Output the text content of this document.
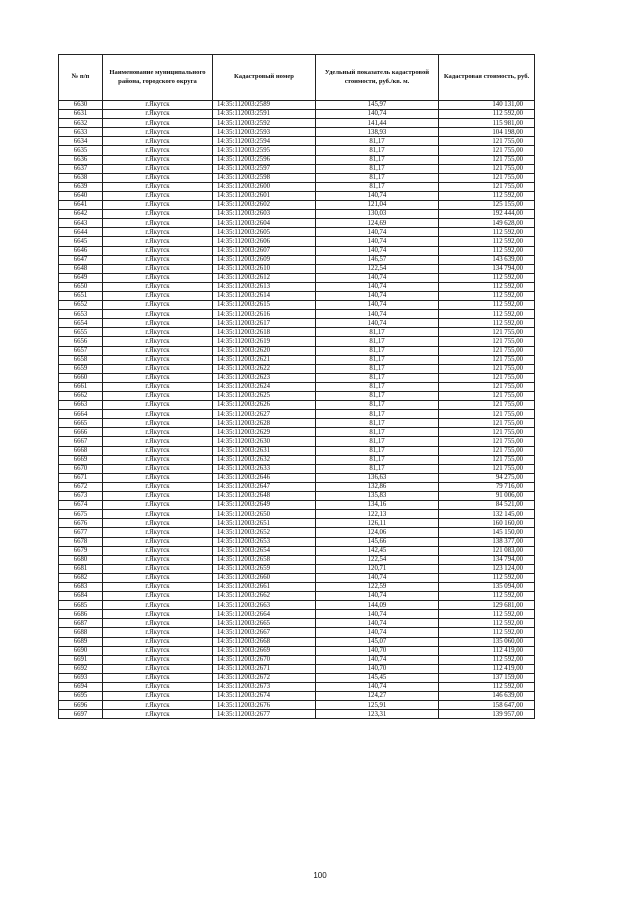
№ п/п	Наименование муниципального района, городского округа	Кадастровый номер	Удельный показатель кадастровой стоимости, руб./кв. м.	Кадастровая стоимость, руб.
6630	г.Якутск	14:35:112003:2589	145,97	140 131,00
6631	г.Якутск	14:35:112003:2591	140,74	112 592,00
6632	г.Якутск	14:35:112003:2592	141,44	115 981,00
6633	г.Якутск	14:35:112003:2593	138,93	104 198,00
6634	г.Якутск	14:35:112003:2594	81,17	121 755,00
6635	г.Якутск	14:35:112003:2595	81,17	121 755,00
6636	г.Якутск	14:35:112003:2596	81,17	121 755,00
6637	г.Якутск	14:35:112003:2597	81,17	121 755,00
6638	г.Якутск	14:35:112003:2598	81,17	121 755,00
6639	г.Якутск	14:35:112003:2600	81,17	121 755,00
6640	г.Якутск	14:35:112003:2601	140,74	112 592,00
6641	г.Якутск	14:35:112003:2602	121,04	125 155,00
6642	г.Якутск	14:35:112003:2603	130,03	192 444,00
6643	г.Якутск	14:35:112003:2604	124,69	149 628,00
6644	г.Якутск	14:35:112003:2605	140,74	112 592,00
6645	г.Якутск	14:35:112003:2606	140,74	112 592,00
6646	г.Якутск	14:35:112003:2607	140,74	112 592,00
6647	г.Якутск	14:35:112003:2609	146,57	143 639,00
6648	г.Якутск	14:35:112003:2610	122,54	134 794,00
6649	г.Якутск	14:35:112003:2612	140,74	112 592,00
6650	г.Якутск	14:35:112003:2613	140,74	112 592,00
6651	г.Якутск	14:35:112003:2614	140,74	112 592,00
6652	г.Якутск	14:35:112003:2615	140,74	112 592,00
6653	г.Якутск	14:35:112003:2616	140,74	112 592,00
6654	г.Якутск	14:35:112003:2617	140,74	112 592,00
6655	г.Якутск	14:35:112003:2618	81,17	121 755,00
6656	г.Якутск	14:35:112003:2619	81,17	121 755,00
6657	г.Якутск	14:35:112003:2620	81,17	121 755,00
6658	г.Якутск	14:35:112003:2621	81,17	121 755,00
6659	г.Якутск	14:35:112003:2622	81,17	121 755,00
6660	г.Якутск	14:35:112003:2623	81,17	121 755,00
6661	г.Якутск	14:35:112003:2624	81,17	121 755,00
6662	г.Якутск	14:35:112003:2625	81,17	121 755,00
6663	г.Якутск	14:35:112003:2626	81,17	121 755,00
6664	г.Якутск	14:35:112003:2627	81,17	121 755,00
6665	г.Якутск	14:35:112003:2628	81,17	121 755,00
6666	г.Якутск	14:35:112003:2629	81,17	121 755,00
6667	г.Якутск	14:35:112003:2630	81,17	121 755,00
6668	г.Якутск	14:35:112003:2631	81,17	121 755,00
6669	г.Якутск	14:35:112003:2632	81,17	121 755,00
6670	г.Якутск	14:35:112003:2633	81,17	121 755,00
6671	г.Якутск	14:35:112003:2646	136,63	94 275,00
6672	г.Якутск	14:35:112003:2647	132,86	79 716,00
6673	г.Якутск	14:35:112003:2648	135,83	91 006,00
6674	г.Якутск	14:35:112003:2649	134,16	84 521,00
6675	г.Якутск	14:35:112003:2650	122,13	132 145,00
6676	г.Якутск	14:35:112003:2651	126,11	160 160,00
6677	г.Якутск	14:35:112003:2652	124,06	145 150,00
6678	г.Якутск	14:35:112003:2653	145,66	138 377,00
6679	г.Якутск	14:35:112003:2654	142,45	121 083,00
6680	г.Якутск	14:35:112003:2658	122,54	134 794,00
6681	г.Якутск	14:35:112003:2659	120,71	123 124,00
6682	г.Якутск	14:35:112003:2660	140,74	112 592,00
6683	г.Якутск	14:35:112003:2661	122,59	135 094,00
6684	г.Якутск	14:35:112003:2662	140,74	112 592,00
6685	г.Якутск	14:35:112003:2663	144,09	129 681,00
6686	г.Якутск	14:35:112003:2664	140,74	112 592,00
6687	г.Якутск	14:35:112003:2665	140,74	112 592,00
6688	г.Якутск	14:35:112003:2667	140,74	112 592,00
6689	г.Якутск	14:35:112003:2668	145,07	135 060,00
6690	г.Якутск	14:35:112003:2669	140,70	112 419,00
6691	г.Якутск	14:35:112003:2670	140,74	112 592,00
6692	г.Якутск	14:35:112003:2671	140,70	112 419,00
6693	г.Якутск	14:35:112003:2672	145,45	137 159,00
6694	г.Якутск	14:35:112003:2673	140,74	112 592,00
6695	г.Якутск	14:35:112003:2674	124,27	146 639,00
6696	г.Якутск	14:35:112003:2676	125,91	158 647,00
6697	г.Якутск	14:35:112003:2677	123,31	139 957,00
100
